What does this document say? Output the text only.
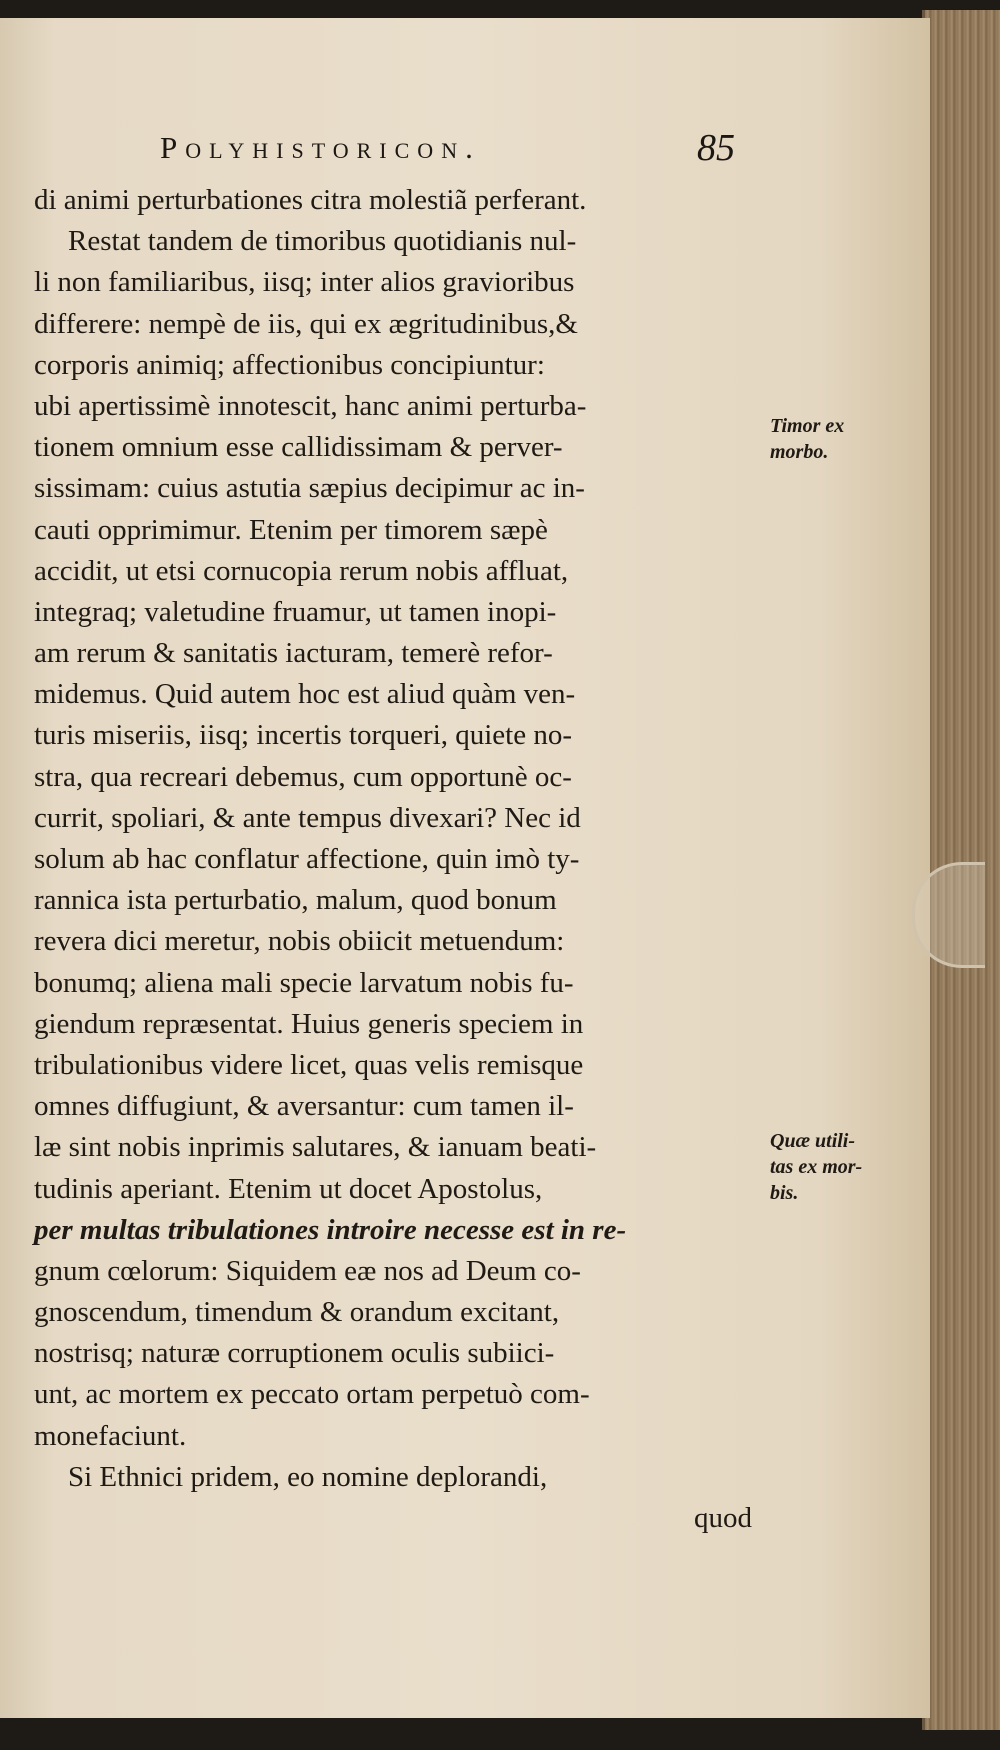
Polyhistoricon.	85
di animi perturbationes citra molestiã perferant.
Restat tandem de timoribus quotidianis nul-
li non familiaribus, iisq; inter alios gravioribus
differere: nempè de iis, qui ex ægritudinibus,&
corporis animiq; affectionibus concipiuntur:
ubi apertissimè innotescit, hanc animi perturba-
tionem omnium esse callidissimam & perver-
sissimam: cuius astutia sæpius decipimur ac in-
cauti opprimimur. Etenim per timorem sæpè
accidit, ut etsi cornucopia rerum nobis affluat,
integraq; valetudine fruamur, ut tamen inopi-
am rerum & sanitatis iacturam, temerè refor-
midemus. Quid autem hoc est aliud quàm ven-
turis miseriis, iisq; incertis torqueri, quiete no-
stra, qua recreari debemus, cum opportunè oc-
currit, spoliari, & ante tempus divexari? Nec id
solum ab hac conflatur affectione, quin imò ty-
rannica ista perturbatio, malum, quod bonum
revera dici meretur, nobis obiicit metuendum:
bonumq; aliena mali specie larvatum nobis fu-
giendum repræsentat. Huius generis speciem in
tribulationibus videre licet, quas velis remisque
omnes diffugiunt, & aversantur: cum tamen il-
læ sint nobis inprimis salutares, & ianuam beati-
tudinis aperiant. Etenim ut docet Apostolus,
per multas tribulationes introire necesse est in re-
gnum cœlorum: Siquidem eæ nos ad Deum co-
gnoscendum, timendum & orandum excitant,
nostrisq; naturæ corruptionem oculis subiici-
unt, ac mortem ex peccato ortam perpetuò com-
monefaciunt.
Si Ethnici pridem, eo nomine deplorandi,
quod
Timor ex
morbo.
Quæ utili-
tas ex mor-
bis.
